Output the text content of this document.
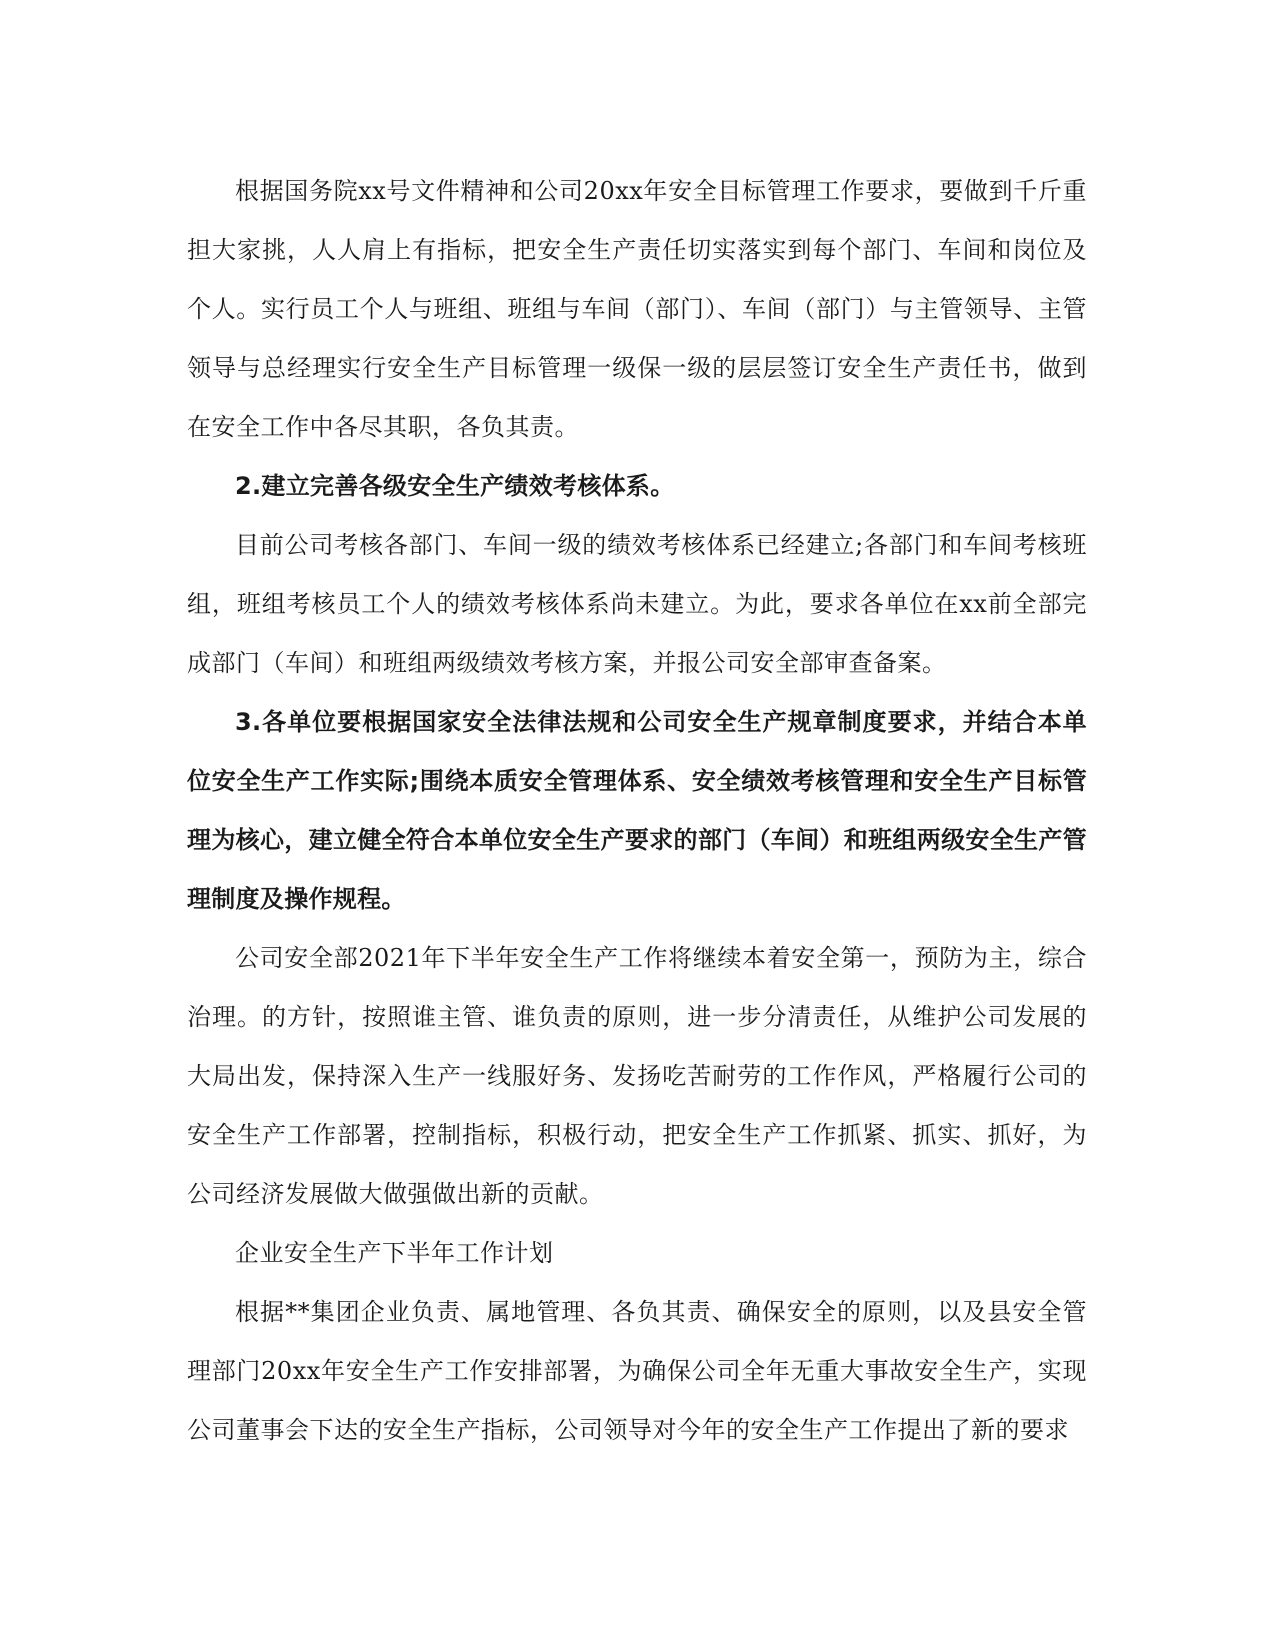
根据国务院xx号文件精神和公司20xx年安全目标管理工作要求，要做到千斤重担大家挑，人人肩上有指标，把安全生产责任切实落实到每个部门、车间和岗位及个人。实行员工个人与班组、班组与车间（部门）、车间（部门）与主管领导、主管领导与总经理实行安全生产目标管理一级保一级的层层签订安全生产责任书，做到在安全工作中各尽其职，各负其责。

2.建立完善各级安全生产绩效考核体系。

目前公司考核各部门、车间一级的绩效考核体系已经建立;各部门和车间考核班组，班组考核员工个人的绩效考核体系尚未建立。为此，要求各单位在xx前全部完成部门（车间）和班组两级绩效考核方案，并报公司安全部审查备案。

3.各单位要根据国家安全法律法规和公司安全生产规章制度要求，并结合本单位安全生产工作实际;围绕本质安全管理体系、安全绩效考核管理和安全生产目标管理为核心，建立健全符合本单位安全生产要求的部门（车间）和班组两级安全生产管理制度及操作规程。

公司安全部2021年下半年安全生产工作将继续本着安全第一，预防为主，综合治理。的方针，按照谁主管、谁负责的原则，进一步分清责任，从维护公司发展的大局出发，保持深入生产一线服好务、发扬吃苦耐劳的工作作风，严格履行公司的安全生产工作部署，控制指标，积极行动，把安全生产工作抓紧、抓实、抓好，为公司经济发展做大做强做出新的贡献。

企业安全生产下半年工作计划

根据**集团企业负责、属地管理、各负其责、确保安全的原则，以及县安全管理部门20xx年安全生产工作安排部署，为确保公司全年无重大事故安全生产，实现公司董事会下达的安全生产指标，公司领导对今年的安全生产工作提出了新的要求
